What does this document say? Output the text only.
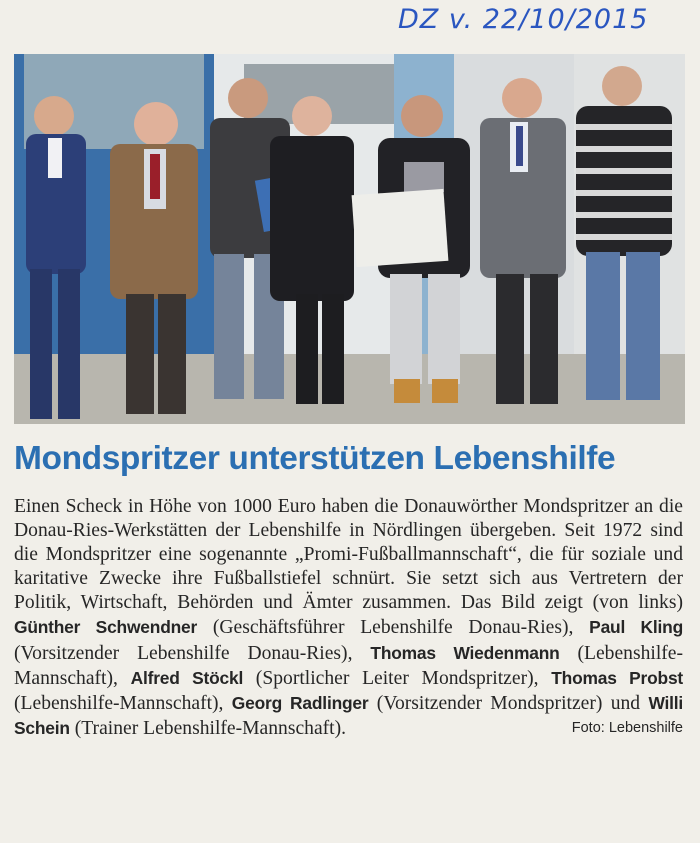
DZ v. 22/10/2015
Mondspritzer unterstützen Lebenshilfe

Einen Scheck in Höhe von 1000 Euro haben die Donauwörther Mondspritzer an die Donau-Ries-Werkstätten der Lebenshilfe in Nördlingen übergeben. Seit 1972 sind die Mondspritzer eine sogenannte „Promi-Fußballmannschaft“, die für soziale und karitative Zwecke ihre Fußballstiefel schnürt. Sie setzt sich aus Vertretern der Politik, Wirtschaft, Behörden und Ämter zusammen. Das Bild zeigt (von links) Günther Schwendner (Geschäftsführer Lebenshilfe Donau-Ries), Paul Kling (Vorsitzender Lebenshilfe Donau-Ries), Thomas Wiedenmann (Lebenshilfe-Mannschaft), Alfred Stöckl (Sportlicher Leiter Mondspritzer), Thomas Probst (Lebenshilfe-Mannschaft), Georg Radlinger (Vorsitzender Mondspritzer) und Willi Schein (Trainer Lebenshilfe-Mannschaft).	Foto: Lebenshilfe
